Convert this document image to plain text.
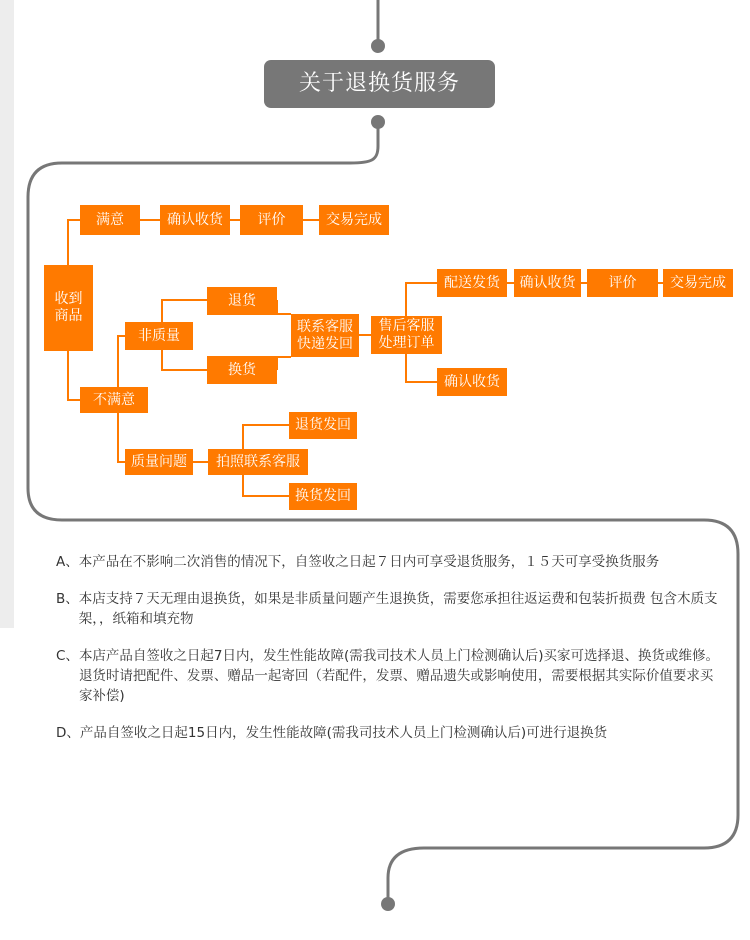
关于退换货服务
收到
商品
满意	确认收货	评价	交易完成
不满意
非质量
退货
换货
联系客服
快递发回
售后客服
处理订单
配送发货	确认收货	评价	交易完成
确认收货
质量问题	拍照联系客服
退货发回
换货发回
A、 本产品在不影响二次消售的情况下，自签收之日起７日内可享受退货服务，１５天可享受换货服务
B、 本店支持７天无理由退换货，如果是非质量问题产生退换货，需要您承担往返运费和包装折损费 包含木质支架，，纸箱和填充物
C、 本店产品自签收之日起7日内，发生性能故障(需我司技术人员上门检测确认后)买家可选择退、换货或维修。退货时请把配件、发票、赠品一起寄回（若配件，发票、赠品遗失或影响使用，需要根据其实际价值要求买家补偿)
D、 产品自签收之日起15日内，发生性能故障(需我司技术人员上门检测确认后)可进行退换货
